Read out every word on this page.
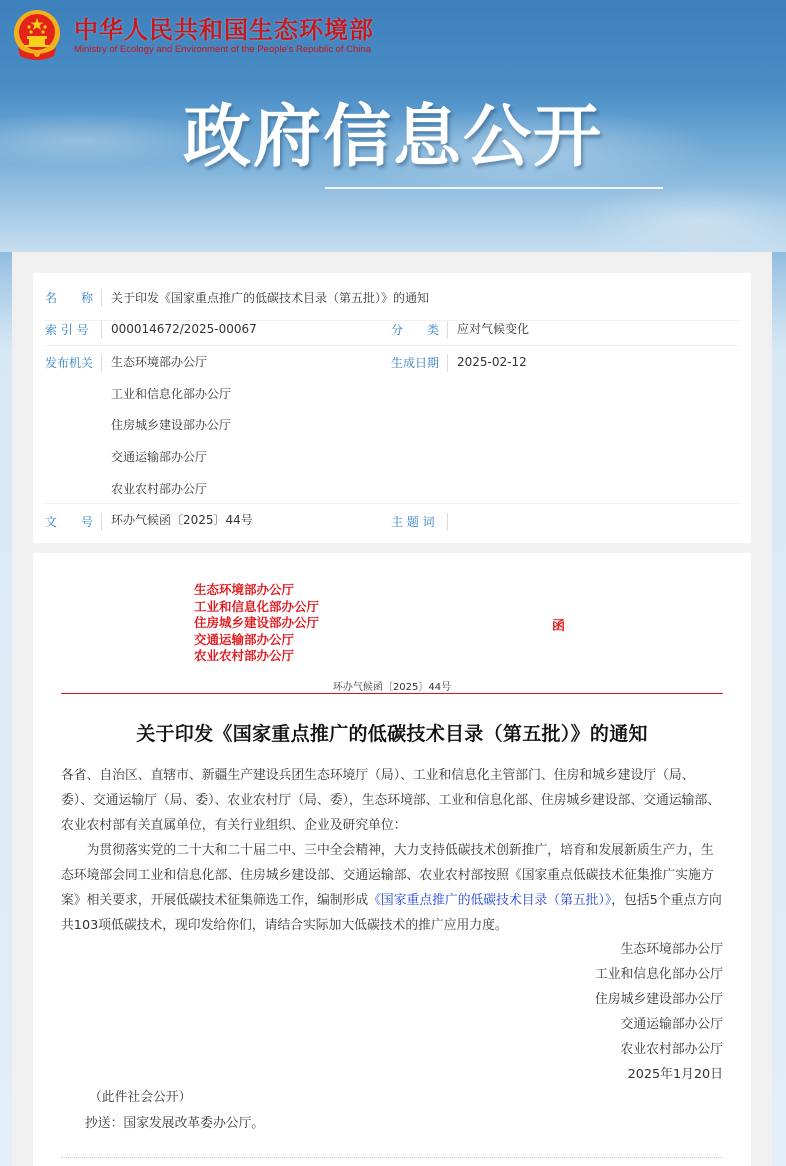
中华人民共和国生态环境部
Ministry of Ecology and Environment of the People's Republic of China
政府信息公开
名　　称 关于印发《国家重点推广的低碳技术目录（第五批）》的通知
索 引 号 000014672/2025-00067	分　　类 应对气候变化
发布机关 生态环境部办公厅
工业和信息化部办公厅
住房城乡建设部办公厅
交通运输部办公厅
农业农村部办公厅
生成日期 2025-02-12
文　　号 环办气候函〔2025〕44号	主 题 词
生态环境部办公厅
工业和信息化部办公厅
住房城乡建设部办公厅
交通运输部办公厅
农业农村部办公厅
函
环办气候函〔2025〕44号
关于印发《国家重点推广的低碳技术目录（第五批）》的通知
各省、自治区、直辖市、新疆生产建设兵团生态环境厅（局）、工业和信息化主管部门、住房和城乡建设厅（局、委）、交通运输厅（局、委）、农业农村厅（局、委），生态环境部、工业和信息化部、住房城乡建设部、交通运输部、农业农村部有关直属单位，有关行业组织、企业及研究单位：
为贯彻落实党的二十大和二十届二中、三中全会精神，大力支持低碳技术创新推广，培育和发展新质生产力，生态环境部会同工业和信息化部、住房城乡建设部、交通运输部、农业农村部按照《国家重点低碳技术征集推广实施方案》相关要求，开展低碳技术征集筛选工作，编制形成《国家重点推广的低碳技术目录（第五批）》，包括5个重点方向共103项低碳技术，现印发给你们，请结合实际加大低碳技术的推广应用力度。
生态环境部办公厅
工业和信息化部办公厅
住房城乡建设部办公厅
交通运输部办公厅
农业农村部办公厅
2025年1月20日
（此件社会公开）
抄送：国家发展改革委办公厅。
